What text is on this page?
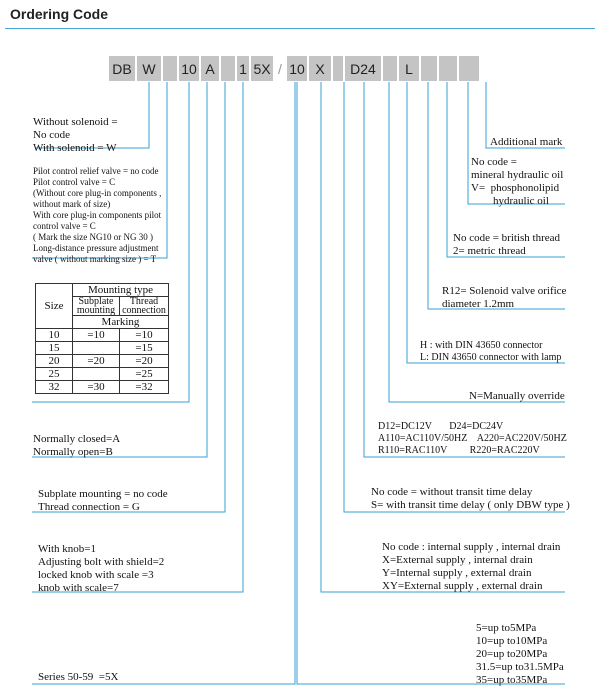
Ordering Code
DB W	10 A	1 5X / 10 X	D24	L
Without solenoid =
No code
With solenoid = W
Pilot control relief valve = no code
Pilot control valve = C
(Without core plug-in components ,
without mark of size)
With core plug-in components pilot
control valve = C
( Mark the size NG10 or NG 30 )
Long-distance pressure adjustment
valve ( without marking size ) = T
Size	Mounting type	
	Subplate
mounting	Thread
connection
	Marking	
10	=10	=10
15		=15
20	=20	=20
25		=25
32	=30	=32
Normally closed=A
Normally open=B
Subplate mounting = no code
Thread connection = G
With knob=1
Adjusting bolt with shield=2
locked knob with scale =3
knob with scale=7
Series 50-59  =5X
Additional mark
No code =
mineral hydraulic oil
V=  phosphonolipid
hydraulic oil
No code = british thread
2= metric thread
R12= Solenoid valve orifice
diameter 1.2mm
H : with DIN 43650 connector
L: DIN 43650 connector with lamp
N=Manually override
D12=DC12V       D24=DC24V
A110=AC110V/50HZ    A220=AC220V/50HZ
R110=RAC110V         R220=RAC220V
No code = without transit time delay
S= with transit time delay ( only DBW type )
No code : internal supply , internal drain
X=External supply , internal drain
Y=Internal supply , external drain
XY=External supply , external drain
5=up to5MPa
10=up to10MPa
20=up to20MPa
31.5=up to31.5MPa
35=up to35MPa
